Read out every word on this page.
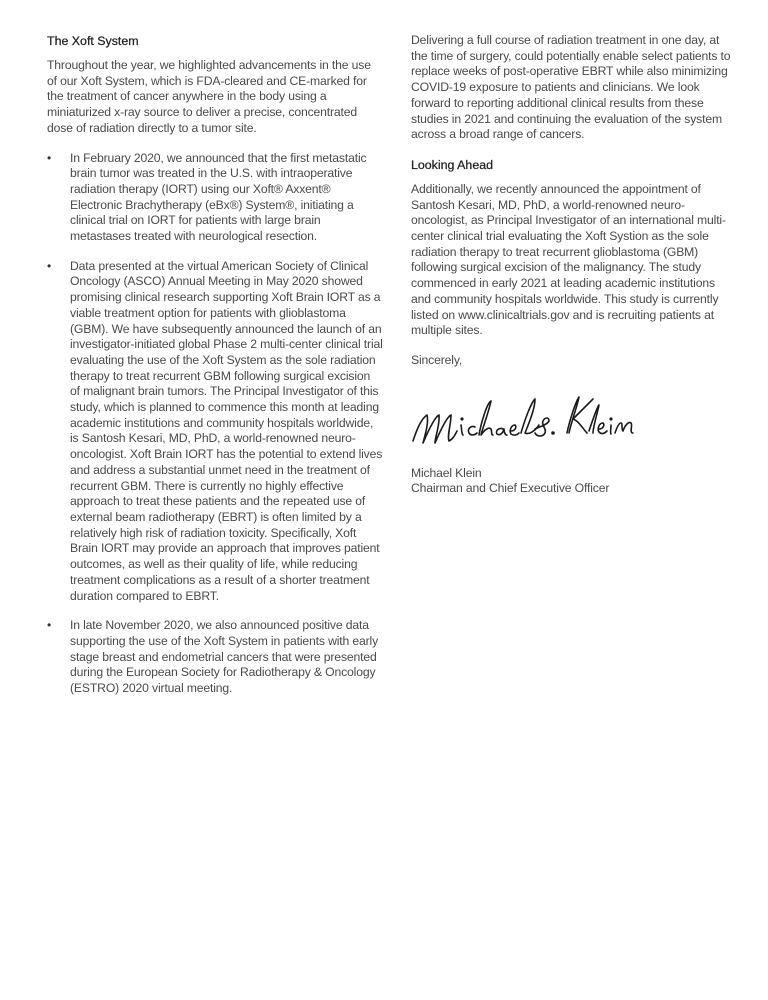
The Xoft System

Throughout the year, we highlighted advancements in the use of our Xoft System, which is FDA-cleared and CE-marked for the treatment of cancer anywhere in the body using a miniaturized x-ray source to deliver a precise, concentrated dose of radiation directly to a tumor site.

• In February 2020, we announced that the first metastatic brain tumor was treated in the U.S. with intraoperative radiation therapy (IORT) using our Xoft® Axxent® Electronic Brachytherapy (eBx®) System®, initiating a clinical trial on IORT for patients with large brain metastases treated with neurological resection.

• Data presented at the virtual American Society of Clinical Oncology (ASCO) Annual Meeting in May 2020 showed promising clinical research supporting Xoft Brain IORT as a viable treatment option for patients with glioblastoma (GBM). We have subsequently announced the launch of an investigator-initiated global Phase 2 multi-center clinical trial evaluating the use of the Xoft System as the sole radiation therapy to treat recurrent GBM following surgical excision of malignant brain tumors. The Principal Investigator of this study, which is planned to commence this month at leading academic institutions and community hospitals worldwide, is Santosh Kesari, MD, PhD, a world-renowned neuro-oncologist. Xoft Brain IORT has the potential to extend lives and address a substantial unmet need in the treatment of recurrent GBM. There is currently no highly effective approach to treat these patients and the repeated use of external beam radiotherapy (EBRT) is often limited by a relatively high risk of radiation toxicity. Specifically, Xoft Brain IORT may provide an approach that improves patient outcomes, as well as their quality of life, while reducing treatment complications as a result of a shorter treatment duration compared to EBRT.

• In late November 2020, we also announced positive data supporting the use of the Xoft System in patients with early stage breast and endometrial cancers that were presented during the European Society for Radiotherapy & Oncology (ESTRO) 2020 virtual meeting.

Delivering a full course of radiation treatment in one day, at the time of surgery, could potentially enable select patients to replace weeks of post-operative EBRT while also minimizing COVID-19 exposure to patients and clinicians. We look forward to reporting additional clinical results from these studies in 2021 and continuing the evaluation of the system across a broad range of cancers.

Looking Ahead

Additionally, we recently announced the appointment of Santosh Kesari, MD, PhD, a world-renowned neuro-oncologist, as Principal Investigator of an international multi-center clinical trial evaluating the Xoft Systion as the sole radiation therapy to treat recurrent glioblastoma (GBM) following surgical excision of the malignancy. The study commenced in early 2021 at leading academic institutions and community hospitals worldwide. This study is currently listed on www.clinicaltrials.gov and is recruiting patients at multiple sites.

Sincerely,

Michael Klein

Chairman and Chief Executive Officer
